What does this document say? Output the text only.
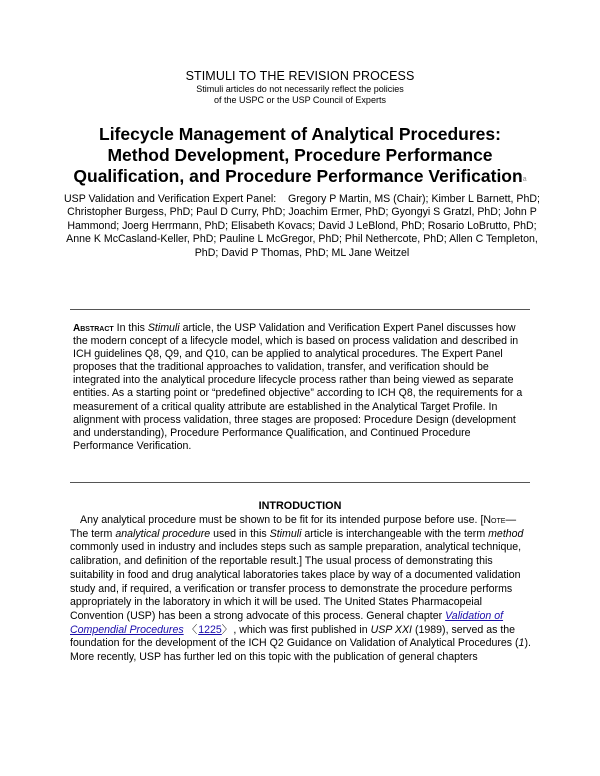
STIMULI TO THE REVISION PROCESS
Stimuli articles do not necessarily reflect the policies
of the USPC or the USP Council of Experts
Lifecycle Management of Analytical Procedures:
Method Development, Procedure Performance
Qualification, and Procedure Performance Verification$^a$
USP Validation and Verification Expert Panel: Gregory P Martin, MS (Chair); Kimber L Barnett, PhD; Christopher Burgess, PhD; Paul D Curry, PhD; Joachim Ermer, PhD; Gyongyi S Gratzl, PhD; John P Hammond; Joerg Herrmann, PhD; Elisabeth Kovacs; David J LeBlond, PhD; Rosario LoBrutto, PhD; Anne K McCasland-Keller, PhD; Pauline L McGregor, PhD; Phil Nethercote, PhD; Allen C Templeton, PhD; David P Thomas, PhD; ML Jane Weitzel
Abstract In this Stimuli article, the USP Validation and Verification Expert Panel discusses how the modern concept of a lifecycle model, which is based on process validation and described in ICH guidelines Q8, Q9, and Q10, can be applied to analytical procedures. The Expert Panel proposes that the traditional approaches to validation, transfer, and verification should be integrated into the analytical procedure lifecycle process rather than being viewed as separate entities. As a starting point or “predefined objective” according to ICH Q8, the requirements for a measurement of a critical quality attribute are established in the Analytical Target Profile. In alignment with process validation, three stages are proposed: Procedure Design (development and understanding), Procedure Performance Qualification, and Continued Procedure Performance Verification.
INTRODUCTION
Any analytical procedure must be shown to be fit for its intended purpose before use. [Note—The term analytical procedure used in this Stimuli article is interchangeable with the term method commonly used in industry and includes steps such as sample preparation, analytical technique, calibration, and definition of the reportable result.] The usual process of demonstrating this suitability in food and drug analytical laboratories takes place by way of a documented validation study and, if required, a verification or transfer process to demonstrate the procedure performs appropriately in the laboratory in which it will be used. The United States Pharmacopeial Convention (USP) has been a strong advocate of this process. General chapter Validation of Compendial Procedures 〈1225〉, which was first published in USP XXI (1989), served as the foundation for the development of the ICH Q2 Guidance on Validation of Analytical Procedures (1). More recently, USP has further led on this topic with the publication of general chapters
